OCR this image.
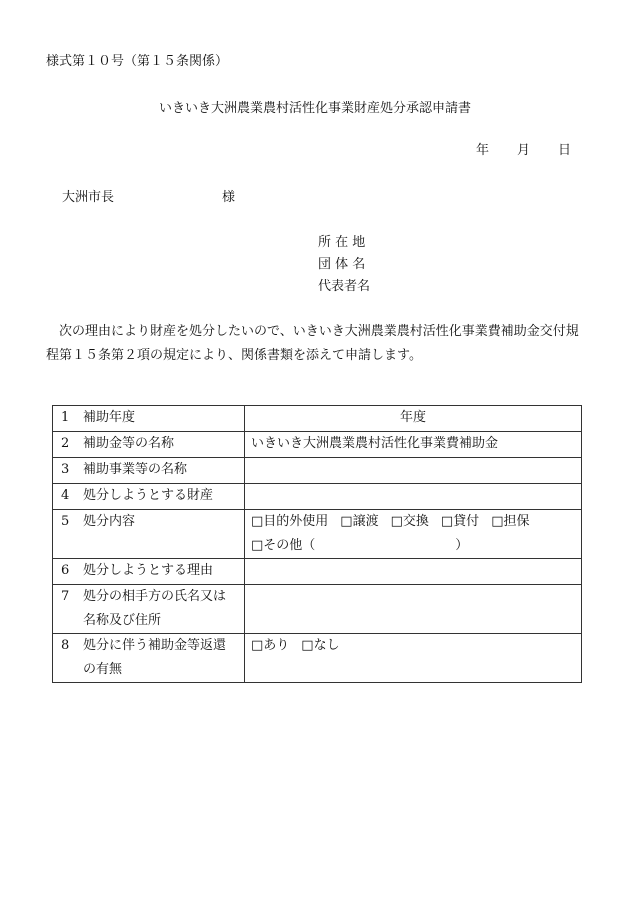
様式第１０号（第１５条関係）
いきいき大洲農業農村活性化事業財産処分承認申請書
年 月 日
大洲市長	様
所 在 地
団 体 名
代表者名
次の理由により財産を処分したいので、いきいき大洲農業農村活性化事業費補助金交付規程第１５条第２項の規定により、関係書類を添えて申請します。
1 補助年度	年度
2 補助金等の名称	いきいき大洲農業農村活性化事業費補助金
3 補助事業等の名称	
4 処分しようとする財産	
5 処分内容	□目的外使用 □譲渡 □交換 □貸付 □担保
□その他（ ）

6 処分しようとする理由	
7 処分の相手方の氏名又は名称及び住所	
8 処分に伴う補助金等返還の有無	□あり □なし
